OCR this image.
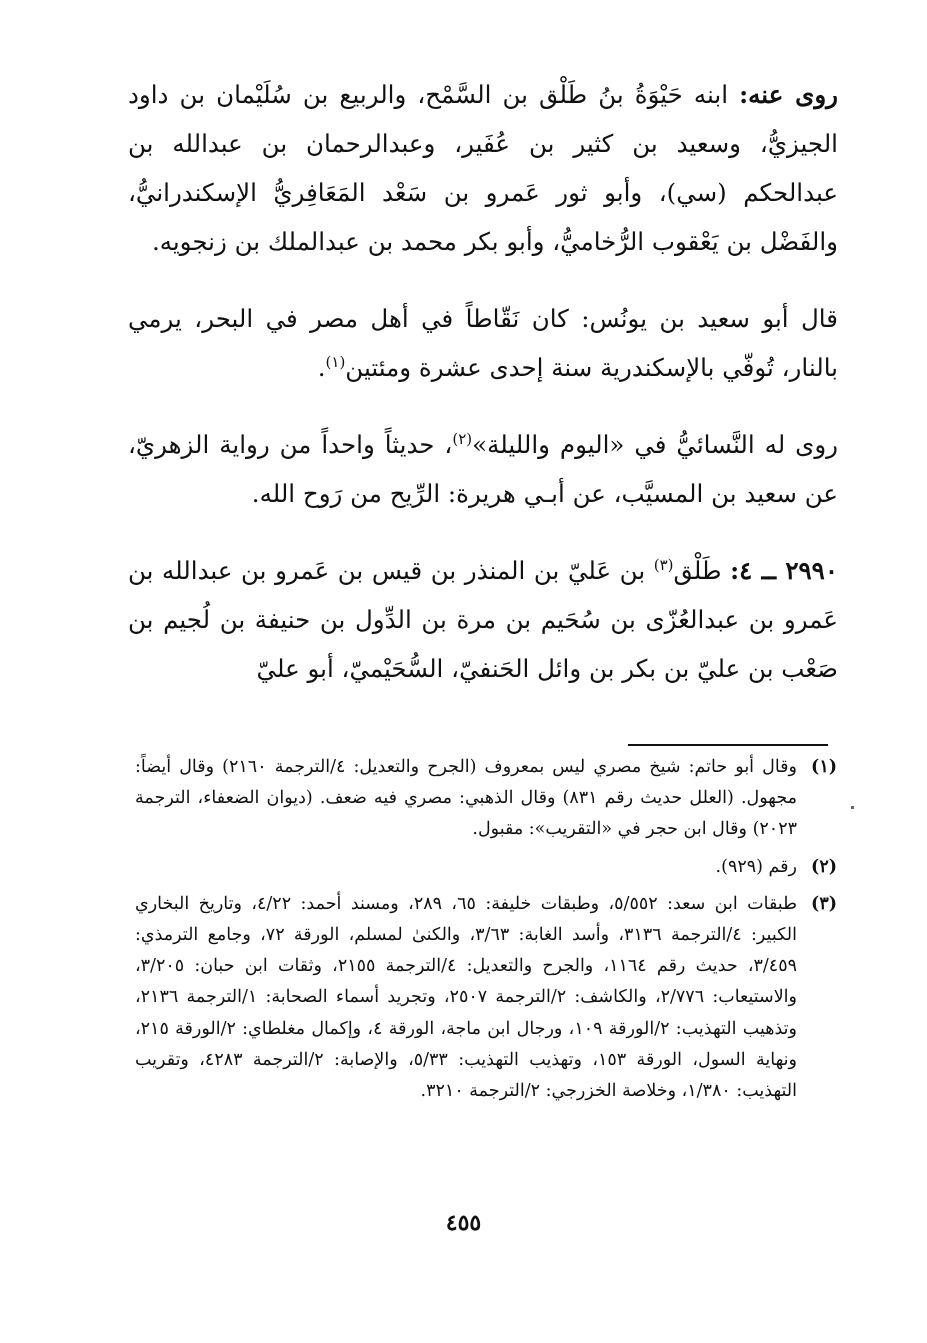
روى عنه: ابنه حَيْوَةُ بنُ طَلْق بن السَّمْح، والربيع بن سُلَيْمان بن داود الجيزيُّ، وسعيد بن كثير بن عُفَير، وعبدالرحمان بن عبدالله بن عبدالحكم (سي)، وأبو ثور عَمرو بن سَعْد المَعَافِريُّ الإسكندرانيُّ، والفَضْل بن يَعْقوب الرُّخاميُّ، وأبو بكر محمد بن عبدالملك بن زنجويه.

قال أبو سعيد بن يونُس: كان نَقّاطاً في أهل مصر في البحر، يرمي بالنار، تُوفّي بالإسكندرية سنة إحدى عشرة ومئتين$^{(١)}$.

روى له النَّسائيُّ في «اليوم والليلة»$^{(٢)}$، حديثاً واحداً من رواية الزهريّ، عن سعيد بن المسيَّب، عن أبـي هريرة: الرِّيح من رَوح الله.

٢٩٩٠ ــ ٤: طَلْق$^{(٣)}$ بن عَليّ بن المنذر بن قيس بن عَمرو بن عبدالله بن عَمرو بن عبدالعُزّى بن سُحَيم بن مرة بن الدِّول بن حنيفة بن لُجيم بن صَعْب بن عليّ بن بكر بن وائل الحَنفيّ، السُّحَيْميّ، أبو عليّ

(١)
وقال أبو حاتم: شيخ مصري ليس بمعروف (الجرح والتعديل: ٤/الترجمة ٢١٦٠) وقال أيضاً: مجهول. (العلل حديث رقم ٨٣١) وقال الذهبي: مصري فيه ضعف. (ديوان الضعفاء، الترجمة ٢٠٢٣) وقال ابن حجر في «التقريب»: مقبول.
(٢)
رقم (٩٢٩).
(٣)
طبقات ابن سعد: ٥/٥٥٢، وطبقات خليفة: ٦٥، ٢٨٩، ومسند أحمد: ٤/٢٢، وتاريخ البخاري الكبير: ٤/الترجمة ٣١٣٦، وأسد الغابة: ٣/٦٣، والكنىٰ لمسلم، الورقة ٧٢، وجامع الترمذي: ٣/٤٥٩، حديث رقم ١١٦٤، والجرح والتعديل: ٤/الترجمة ٢١٥٥، وثقات ابن حبان: ٣/٢٠٥، والاستيعاب: ٢/٧٧٦، والكاشف: ٢/الترجمة ٢٥٠٧، وتجريد أسماء الصحابة: ١/الترجمة ٢١٣٦، وتذهيب التهذيب: ٢/الورقة ١٠٩، ورجال ابن ماجة، الورقة ٤، وإكمال مغلطاي: ٢/الورقة ٢١٥، ونهاية السول، الورقة ١٥٣، وتهذيب التهذيب: ٥/٣٣، والإصابة: ٢/الترجمة ٤٢٨٣، وتقريب التهذيب: ١/٣٨٠، وخلاصة الخزرجي: ٢/الترجمة ٣٢١٠.
٤٥٥
